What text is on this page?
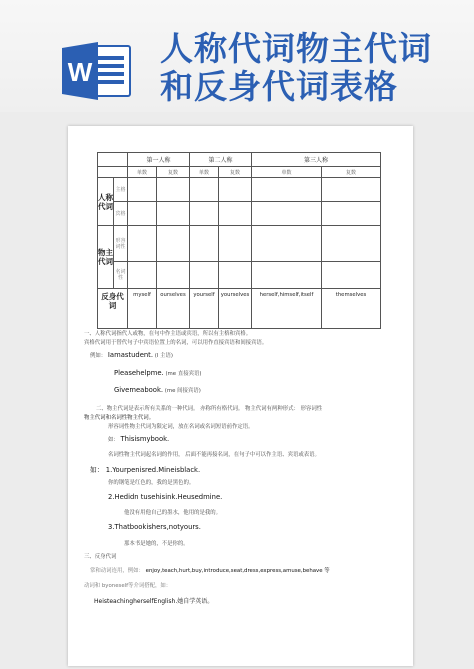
W
人称代词物主代词
和反身代词表格
		第一人称		第二人称		第三人称	
		单数	复数	单数	复数	单数	复数
人称代词	主格						
	宾格						
物主代词	形容词性						
	名词性						
反身代词		myself	ourselves	yourself	yourselves	herself,himself,itself	themselves
一、人称代词指代人或物，在句中作主语或宾语，所以有主格和宾格。
宾格代词用于替代句子中宾语位置上的名词，可以用作直接宾语和间接宾语。
例如： Iamastudent. (I 主语)
Pleasehelpme. (me 直接宾语)
Givemeabook. (me 间接宾语)
二、物主代词是表示所有关系的一种代词。 亦称所有格代词。 物主代词有两种形式： 形容词性
物主代词和名词性物主代词。
形容词性物主代词为限定词，放在名词或名词短语前作定语。
如： Thisismybook.
名词性物主代词起名词的作用， 后面不能再接名词，在句子中可以作主语、宾语或表语。
如： 1.Yourpenisred.Mineisblack.
你的钢笔是红色的，我的是黑色的。
2.Hedidn tusehisink.Heusedmine.
他没有用他自己的墨水，他用的是我的。
3.Thatbookishers,notyours.
那本书是她的，不是你的。
三、反身代词
常和动词连用，例如： enjoy,teach,hurt,buy,introduce,seat,dress,express,amuse,behave 等
动词和 byoneself等介词搭配，如：
HeisteachingherselfEnglish.她自学英语。
